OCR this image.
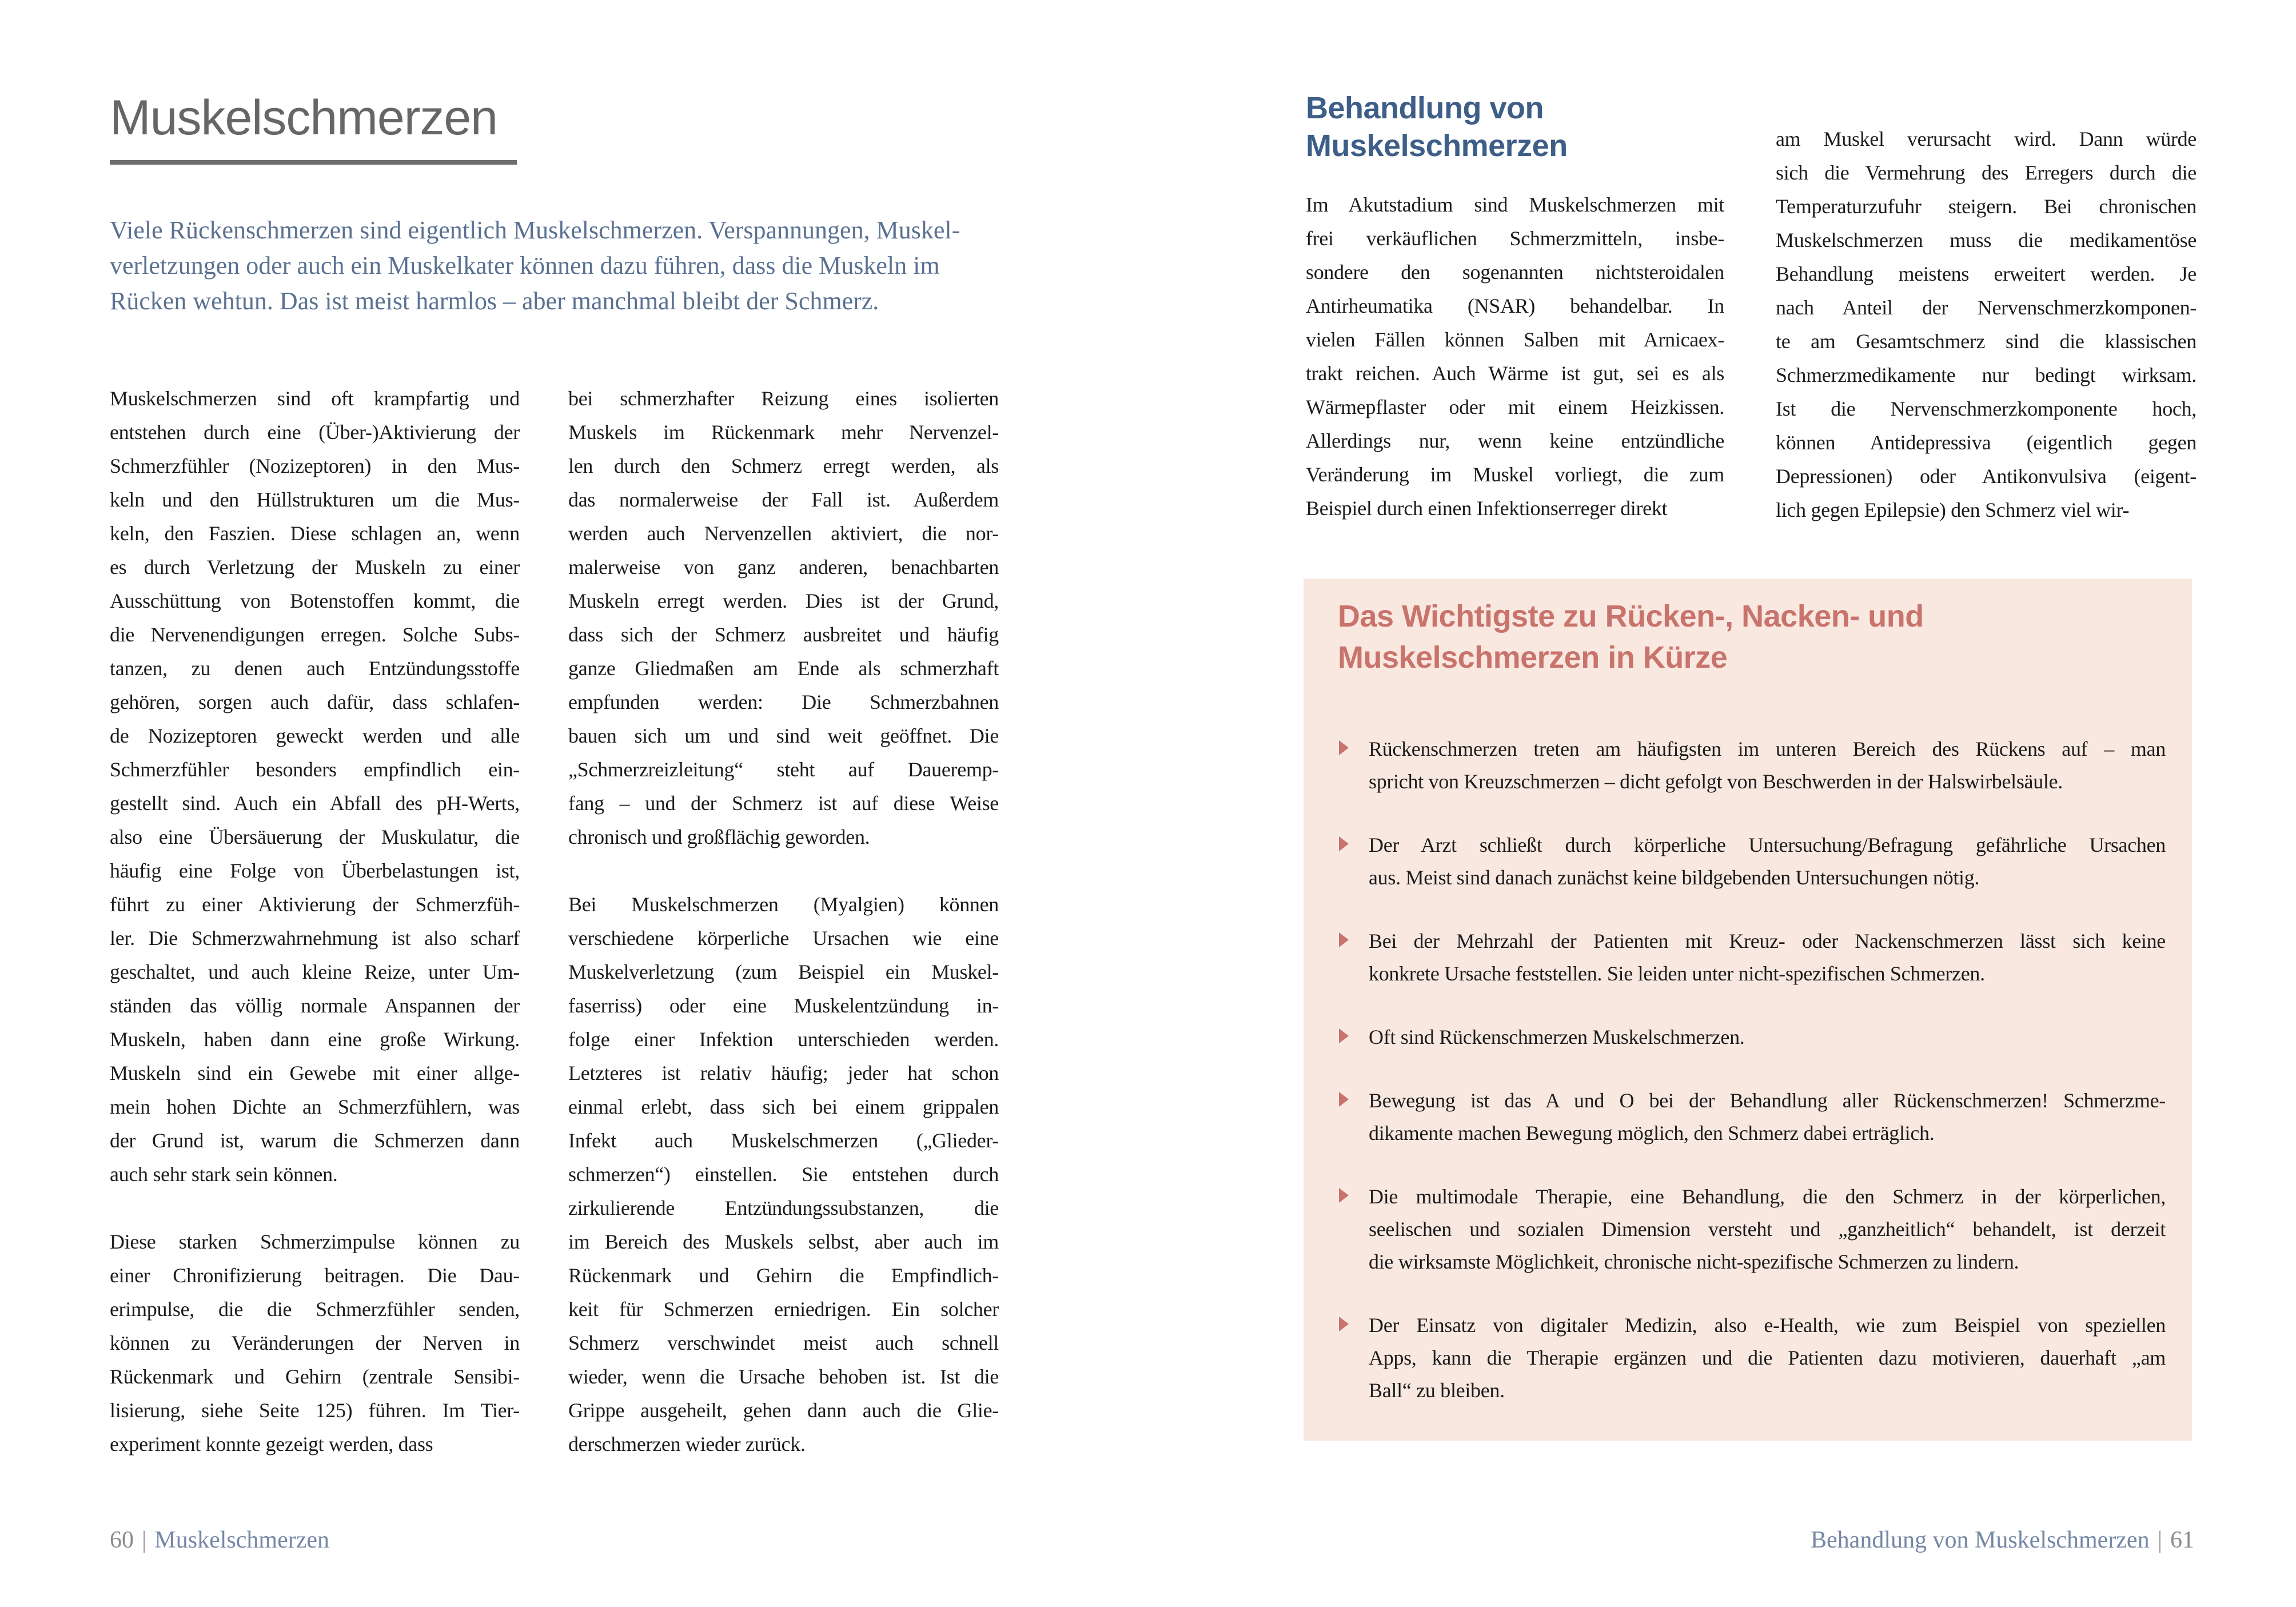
Muskelschmerzen
Viele Rückenschmerzen sind eigentlich Muskelschmerzen. Verspannungen, Muskel-
verletzungen oder auch ein Muskelkater können dazu führen, dass die Muskeln im
Rücken wehtun. Das ist meist harmlos – aber manchmal bleibt der Schmerz.
Muskelschmerzen sind oft krampfartig und
entstehen durch eine (Über-)Aktivierung der
Schmerzfühler (Nozizeptoren) in den Mus-
keln und den Hüllstrukturen um die Mus-
keln, den Faszien. Diese schlagen an, wenn
es durch Verletzung der Muskeln zu einer
Ausschüttung von Botenstoffen kommt, die
die Nervenendigungen erregen. Solche Subs-
tanzen, zu denen auch Entzündungsstoffe
gehören, sorgen auch dafür, dass schlafen-
de Nozizeptoren geweckt werden und alle
Schmerzfühler besonders empfindlich ein-
gestellt sind. Auch ein Abfall des pH-Werts,
also eine Übersäuerung der Muskulatur, die
häufig eine Folge von Überbelastungen ist,
führt zu einer Aktivierung der Schmerzfüh-
ler. Die Schmerzwahrnehmung ist also scharf
geschaltet, und auch kleine Reize, unter Um-
ständen das völlig normale Anspannen der
Muskeln, haben dann eine große Wirkung.
Muskeln sind ein Gewebe mit einer allge-
mein hohen Dichte an Schmerzfühlern, was
der Grund ist, warum die Schmerzen dann
auch sehr stark sein können.
Diese starken Schmerzimpulse können zu
einer Chronifizierung beitragen. Die Dau-
erimpulse, die die Schmerzfühler senden,
können zu Veränderungen der Nerven in
Rückenmark und Gehirn (zentrale Sensibi-
lisierung, siehe Seite 125) führen. Im Tier-
experiment konnte gezeigt werden, dass
bei schmerzhafter Reizung eines isolierten
Muskels im Rückenmark mehr Nervenzel-
len durch den Schmerz erregt werden, als
das normalerweise der Fall ist. Außerdem
werden auch Nervenzellen aktiviert, die nor-
malerweise von ganz anderen, benachbarten
Muskeln erregt werden. Dies ist der Grund,
dass sich der Schmerz ausbreitet und häufig
ganze Gliedmaßen am Ende als schmerzhaft
empfunden werden: Die Schmerzbahnen
bauen sich um und sind weit geöffnet. Die
„Schmerzreizleitung“ steht auf Daueremp-
fang – und der Schmerz ist auf diese Weise
chronisch und großflächig geworden.
Bei Muskelschmerzen (Myalgien) können
verschiedene körperliche Ursachen wie eine
Muskelverletzung (zum Beispiel ein Muskel-
faserriss) oder eine Muskelentzündung in-
folge einer Infektion unterschieden werden.
Letzteres ist relativ häufig; jeder hat schon
einmal erlebt, dass sich bei einem grippalen
Infekt auch Muskelschmerzen („Glieder-
schmerzen“) einstellen. Sie entstehen durch
zirkulierende Entzündungssubstanzen, die
im Bereich des Muskels selbst, aber auch im
Rückenmark und Gehirn die Empfindlich-
keit für Schmerzen erniedrigen. Ein solcher
Schmerz verschwindet meist auch schnell
wieder, wenn die Ursache behoben ist. Ist die
Grippe ausgeheilt, gehen dann auch die Glie-
derschmerzen wieder zurück.
60 | Muskelschmerzen
Behandlung von
Muskelschmerzen
Im Akutstadium sind Muskelschmerzen mit
frei verkäuflichen Schmerzmitteln, insbe-
sondere den sogenannten nichtsteroidalen
Antirheumatika (NSAR) behandelbar. In
vielen Fällen können Salben mit Arnicaex-
trakt reichen. Auch Wärme ist gut, sei es als
Wärmepflaster oder mit einem Heizkissen.
Allerdings nur, wenn keine entzündliche
Veränderung im Muskel vorliegt, die zum
Beispiel durch einen Infektionserreger direkt
am Muskel verursacht wird. Dann würde
sich die Vermehrung des Erregers durch die
Temperaturzufuhr steigern. Bei chronischen
Muskelschmerzen muss die medikamentöse
Behandlung meistens erweitert werden. Je
nach Anteil der Nervenschmerzkomponen-
te am Gesamtschmerz sind die klassischen
Schmerzmedikamente nur bedingt wirksam.
Ist die Nervenschmerzkomponente hoch,
können Antidepressiva (eigentlich gegen
Depressionen) oder Antikonvulsiva (eigent-
lich gegen Epilepsie) den Schmerz viel wir-
Das Wichtigste zu Rücken-, Nacken- und
Muskelschmerzen in Kürze
Rückenschmerzen treten am häufigsten im unteren Bereich des Rückens auf – man
spricht von Kreuzschmerzen – dicht gefolgt von Beschwerden in der Halswirbelsäule.
Der Arzt schließt durch körperliche Untersuchung/Befragung gefährliche Ursachen
aus. Meist sind danach zunächst keine bildgebenden Untersuchungen nötig.
Bei der Mehrzahl der Patienten mit Kreuz- oder Nackenschmerzen lässt sich keine
konkrete Ursache feststellen. Sie leiden unter nicht-spezifischen Schmerzen.
Oft sind Rückenschmerzen Muskelschmerzen.
Bewegung ist das A und O bei der Behandlung aller Rückenschmerzen! Schmerzme-
dikamente machen Bewegung möglich, den Schmerz dabei erträglich.
Die multimodale Therapie, eine Behandlung, die den Schmerz in der körperlichen,
seelischen und sozialen Dimension versteht und „ganzheitlich“ behandelt, ist derzeit
die wirksamste Möglichkeit, chronische nicht-spezifische Schmerzen zu lindern.
Der Einsatz von digitaler Medizin, also e-Health, wie zum Beispiel von speziellen
Apps, kann die Therapie ergänzen und die Patienten dazu motivieren, dauerhaft „am
Ball“ zu bleiben.
Behandlung von Muskelschmerzen | 61
